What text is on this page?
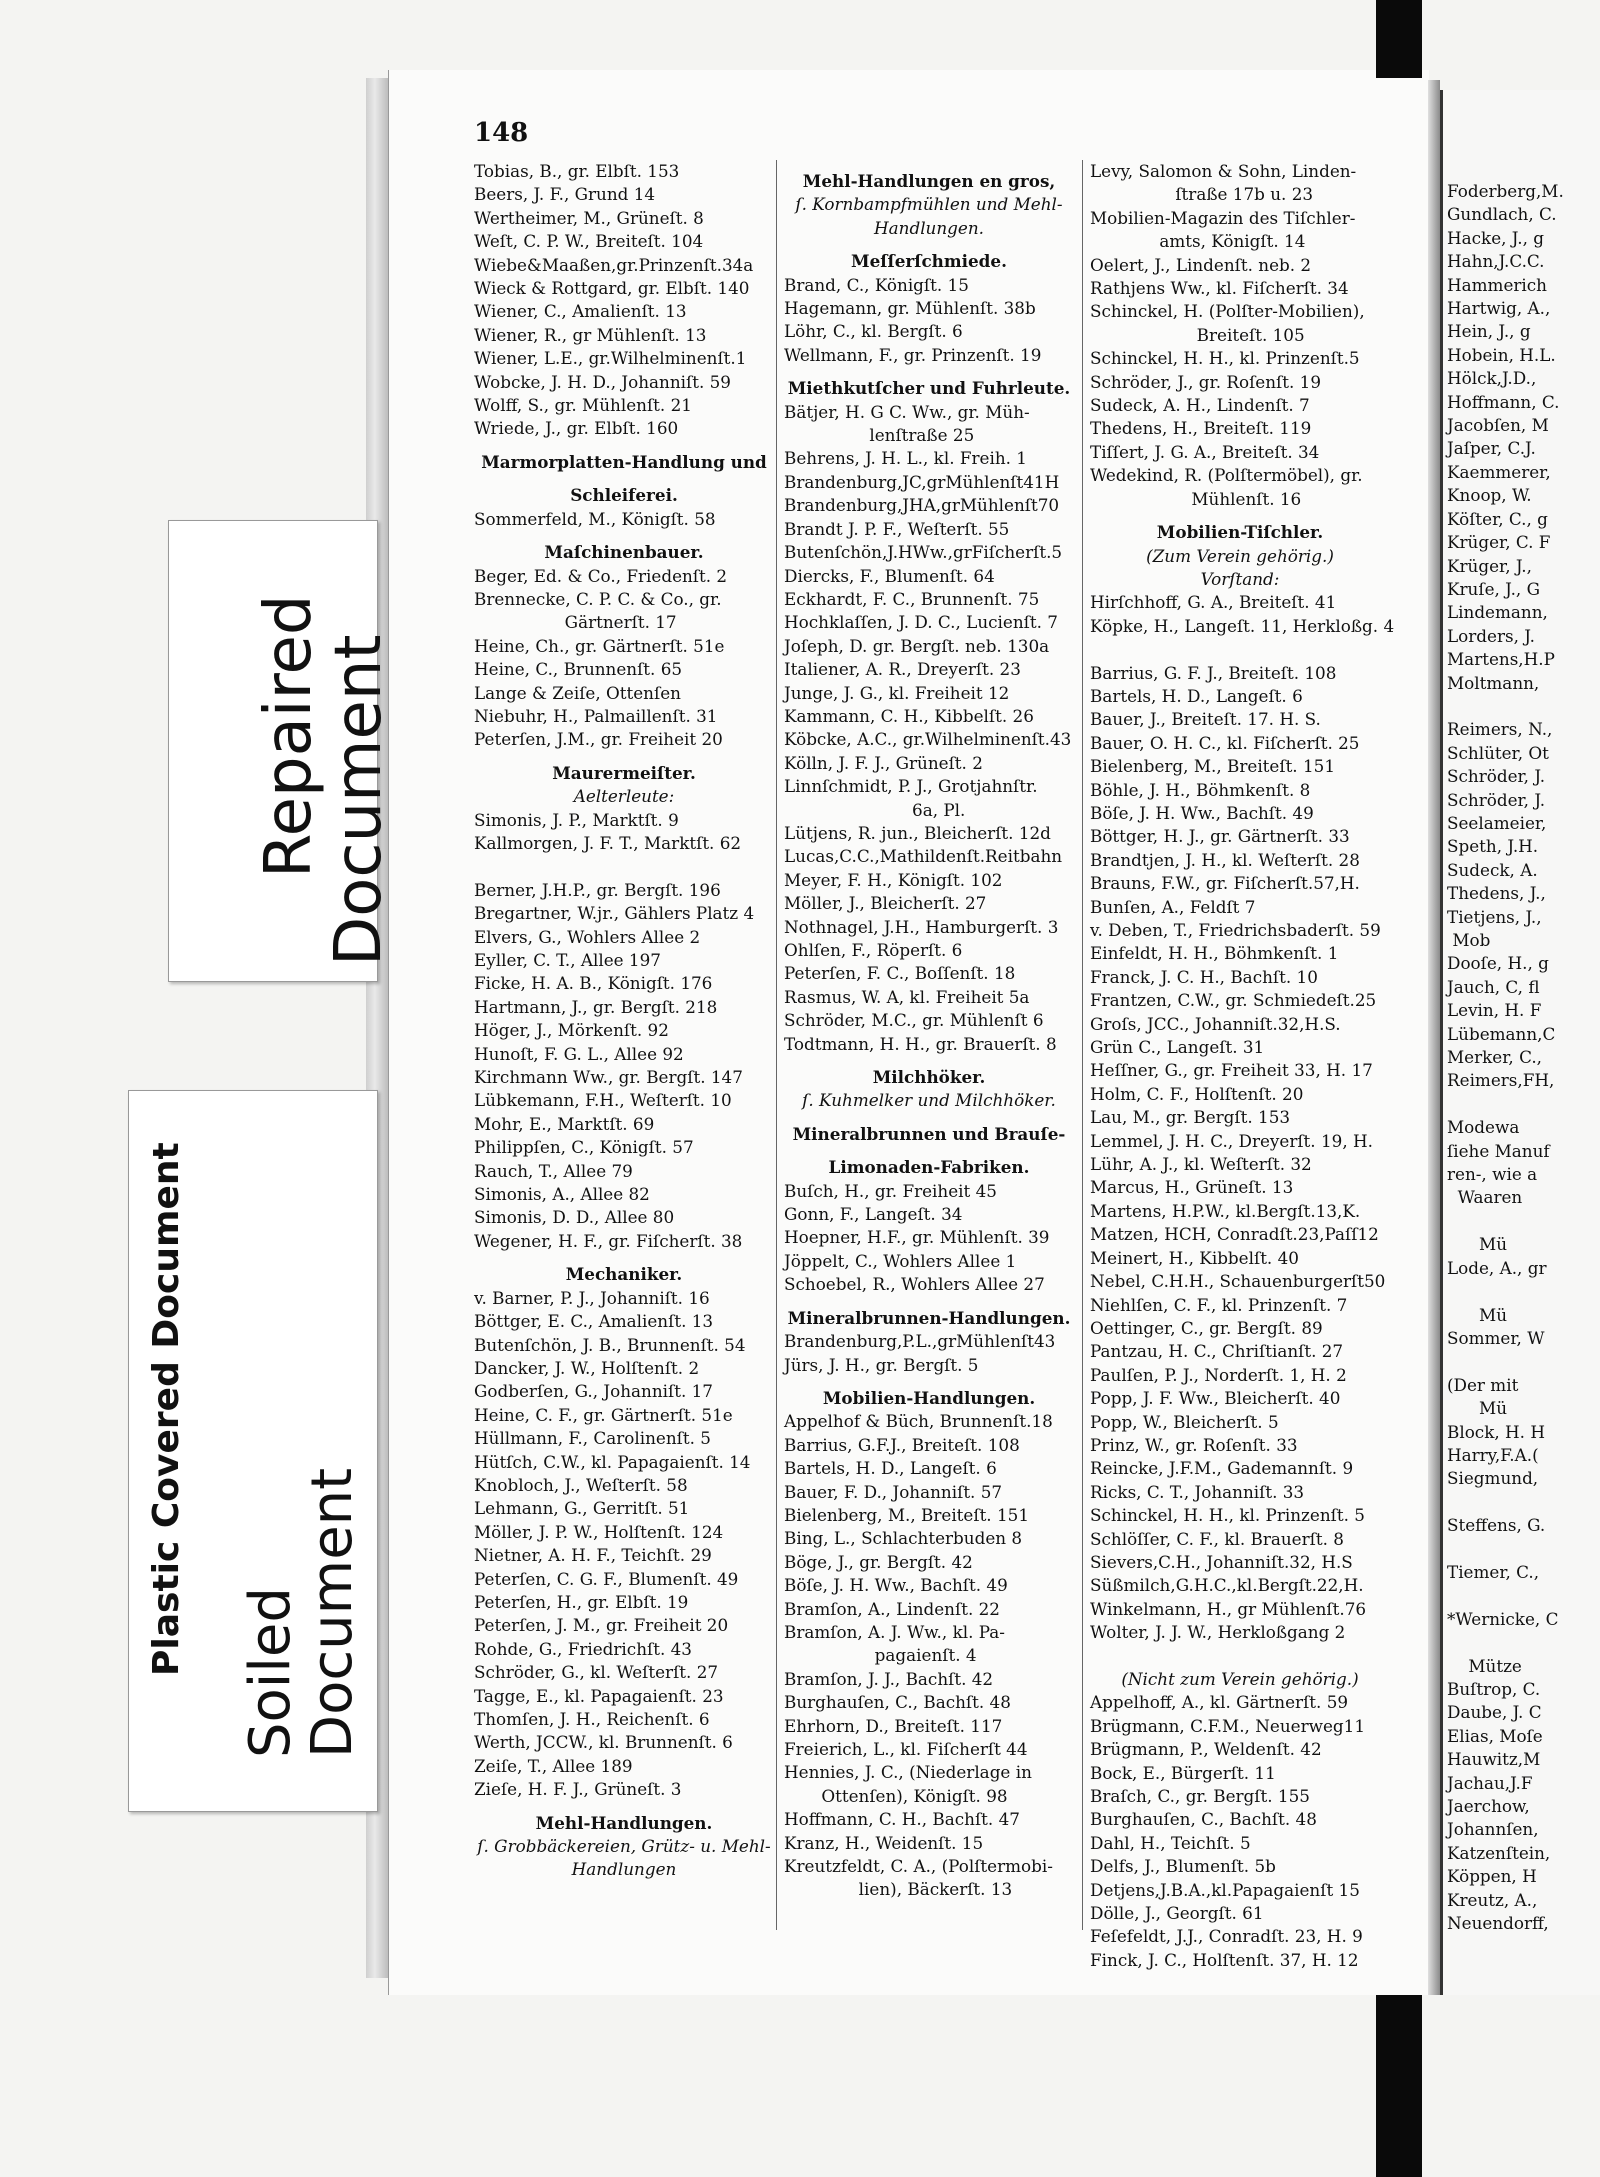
Foderberg,M.
Gundlach, C.
Hacke, J., g
Hahn,J.C.C.
Hammerich
Hartwig, A.,
Hein, J., g
Hobein, H.L.
Hölck,J.D.,
Hoffmann, C.
Jacobſen, M
Jaſper, C.J.
Kaemmerer,
Knoop, W.
Köſter, C., g
Krüger, C. F
Krüger, J.,
Kruſe, J., G
Lindemann,
Lorders, J.
Martens,H.P
Moltmann,

Reimers, N.,
Schlüter, Ot
Schröder, J.
Schröder, J.
Seelameier,
Speth, J.H.
Sudeck, A.
Thedens, J.,
Tietjens, J.,
Mob
Dooſe, H., g
Jauch, C, fl
Levin, H. F
Lübemann,C
Merker, C.,
Reimers,FH,

Modewa
ſiehe Manuf
ren-, wie a
Waaren

Mü
Lode, A., gr

Mü
Sommer, W

(Der mit
Mü
Block, H. H
Harry,F.A.(
Siegmund,

Steffens, G.

Tiemer, C.,

*Wernicke, C

Mütze
Buſtrop, C.
Daube, J. C
Elias, Moſe
Hauwitz,M
Jachau,J.F
Jaerchow,
Johannſen,
Katzenſtein,
Köppen, H
Kreutz, A.,
Neuendorff,
148
Tobias, B., gr. Elbſt. 153
Beers, J. F., Grund 14
Wertheimer, M., Grüneſt. 8
Weſt, C. P. W., Breiteſt. 104
Wiebe&Maaßen,gr.Prinzenſt.34a
Wieck & Rottgard, gr. Elbſt. 140
Wiener, C., Amalienſt. 13
Wiener, R., gr Mühlenſt. 13
Wiener, L.E., gr.Wilhelminenſt.1
Wobcke, J. H. D., Johanniſt. 59
Wolff, S., gr. Mühlenſt. 21
Wriede, J., gr. Elbſt. 160
Marmorplatten-Handlung und
Schleiferei.
Sommerfeld, M., Königſt. 58
Maſchinenbauer.
Beger, Ed. & Co., Friedenſt. 2
Brennecke, C. P. C. & Co., gr.
Gärtnerſt. 17
Heine, Ch., gr. Gärtnerſt. 51e
Heine, C., Brunnenſt. 65
Lange & Zeiſe, Ottenſen
Niebuhr, H., Palmaillenſt. 31
Peterſen, J.M., gr. Freiheit 20
Maurermeiſter.
Aelterleute:
Simonis, J. P., Marktſt. 9
Kallmorgen, J. F. T., Marktſt. 62

Berner, J.H.P., gr. Bergſt. 196
Bregartner, W.jr., Gählers Platz 4
Elvers, G., Wohlers Allee 2
Eyller, C. T., Allee 197
Ficke, H. A. B., Königſt. 176
Hartmann, J., gr. Bergſt. 218
Höger, J., Mörkenſt. 92
Hunoſt, F. G. L., Allee 92
Kirchmann Ww., gr. Bergſt. 147
Lübkemann, F.H., Weſterſt. 10
Mohr, E., Marktſt. 69
Philippſen, C., Königſt. 57
Rauch, T., Allee 79
Simonis, A., Allee 82
Simonis, D. D., Allee 80
Wegener, H. F., gr. Fiſcherſt. 38
Mechaniker.
v. Barner, P. J., Johanniſt. 16
Böttger, E. C., Amalienſt. 13
Butenſchön, J. B., Brunnenſt. 54
Dancker, J. W., Holſtenſt. 2
Godberſen, G., Johanniſt. 17
Heine, C. F., gr. Gärtnerſt. 51e
Hüllmann, F., Carolinenſt. 5
Hütſch, C.W., kl. Papagaienſt. 14
Knobloch, J., Weſterſt. 58
Lehmann, G., Gerritſt. 51
Möller, J. P. W., Holſtenſt. 124
Nietner, A. H. F., Teichſt. 29
Peterſen, C. G. F., Blumenſt. 49
Peterſen, H., gr. Elbſt. 19
Peterſen, J. M., gr. Freiheit 20
Rohde, G., Friedrichſt. 43
Schröder, G., kl. Weſterſt. 27
Tagge, E., kl. Papagaienſt. 23
Thomſen, J. H., Reichenſt. 6
Werth, JCCW., kl. Brunnenſt. 6
Zeiſe, T., Allee 189
Zieſe, H. F. J., Grüneſt. 3
Mehl-Handlungen.
ſ. Grobbäckereien, Grütz- u. Mehl-
Handlungen
Mehl-Handlungen en gros,
ſ. Kornbampfmühlen und Mehl-
Handlungen.
Meſſerſchmiede.
Brand, C., Königſt. 15
Hagemann, gr. Mühlenſt. 38b
Löhr, C., kl. Bergſt. 6
Wellmann, F., gr. Prinzenſt. 19
Miethkutſcher und Fuhrleute.
Bätjer, H. G C. Ww., gr. Müh-
lenſtraße 25
Behrens, J. H. L., kl. Freih. 1
Brandenburg,JC,grMühlenſt41H
Brandenburg,JHA,grMühlenſt70
Brandt J. P. F., Weſterſt. 55
Butenſchön,J.HWw.,grFiſcherſt.5
Diercks, F., Blumenſt. 64
Eckhardt, F. C., Brunnenſt. 75
Hochklaſſen, J. D. C., Lucienſt. 7
Joſeph, D. gr. Bergſt. neb. 130a
Italiener, A. R., Dreyerſt. 23
Junge, J. G., kl. Freiheit 12
Kammann, C. H., Kibbelſt. 26
Köbcke, A.C., gr.Wilhelminenſt.43
Kölln, J. F. J., Grüneſt. 2
Linnſchmidt, P. J., Grotjahnſtr.
6a, Pl.
Lütjens, R. jun., Bleicherſt. 12d
Lucas,C.C.,Mathildenſt.Reitbahn
Meyer, F. H., Königſt. 102
Möller, J., Bleicherſt. 27
Nothnagel, J.H., Hamburgerſt. 3
Ohlſen, F., Röperſt. 6
Peterſen, F. C., Boſſenſt. 18
Rasmus, W. A, kl. Freiheit 5a
Schröder, M.C., gr. Mühlenſt 6
Todtmann, H. H., gr. Brauerſt. 8
Milchhöker.
ſ. Kuhmelker und Milchhöker.
Mineralbrunnen und Brauſe-
Limonaden-Fabriken.
Buſch, H., gr. Freiheit 45
Gonn, F., Langeſt. 34
Hoepner, H.F., gr. Mühlenſt. 39
Jöppelt, C., Wohlers Allee 1
Schoebel, R., Wohlers Allee 27
Mineralbrunnen-Handlungen.
Brandenburg,P.L.,grMühlenſt43
Jürs, J. H., gr. Bergſt. 5
Mobilien-Handlungen.
Appelhof & Büch, Brunnenſt.18
Barrius, G.F.J., Breiteſt. 108
Bartels, H. D., Langeſt. 6
Bauer, F. D., Johanniſt. 57
Bielenberg, M., Breiteſt. 151
Bing, L., Schlachterbuden 8
Böge, J., gr. Bergſt. 42
Böſe, J. H. Ww., Bachſt. 49
Bramſon, A., Lindenſt. 22
Bramſon, A. J. Ww., kl. Pa-
pagaienſt. 4
Bramſon, J. J., Bachſt. 42
Burghauſen, C., Bachſt. 48
Ehrhorn, D., Breiteſt. 117
Freierich, L., kl. Fiſcherſt 44
Hennies, J. C., (Niederlage in
Ottenſen), Königſt. 98
Hoffmann, C. H., Bachſt. 47
Kranz, H., Weidenſt. 15
Kreutzfeldt, C. A., (Polſtermobi-
lien), Bäckerſt. 13
Levy, Salomon & Sohn, Linden-
ſtraße 17b u. 23
Mobilien-Magazin des Tiſchler-
amts, Königſt. 14
Oelert, J., Lindenſt. neb. 2
Rathjens Ww., kl. Fiſcherſt. 34
Schinckel, H. (Polſter-Mobilien),
Breiteſt. 105
Schinckel, H. H., kl. Prinzenſt.5
Schröder, J., gr. Roſenſt. 19
Sudeck, A. H., Lindenſt. 7
Thedens, H., Breiteſt. 119
Tiſſert, J. G. A., Breiteſt. 34
Wedekind, R. (Polſtermöbel), gr.
Mühlenſt. 16
Mobilien-Tiſchler.
(Zum Verein gehörig.)
Vorſtand:
Hirſchhoff, G. A., Breiteſt. 41
Köpke, H., Langeſt. 11, Herkloßg. 4

Barrius, G. F. J., Breiteſt. 108
Bartels, H. D., Langeſt. 6
Bauer, J., Breiteſt. 17. H. S.
Bauer, O. H. C., kl. Fiſcherſt. 25
Bielenberg, M., Breiteſt. 151
Böhle, J. H., Böhmkenſt. 8
Böſe, J. H. Ww., Bachſt. 49
Böttger, H. J., gr. Gärtnerſt. 33
Brandtjen, J. H., kl. Weſterſt. 28
Brauns, F.W., gr. Fiſcherſt.57,H.
Bunſen, A., Feldſt 7
v. Deben, T., Friedrichsbaderſt. 59
Einfeldt, H. H., Böhmkenſt. 1
Franck, J. C. H., Bachſt. 10
Frantzen, C.W., gr. Schmiedeſt.25
Groſs, JCC., Johanniſt.32,H.S.
Grün C., Langeſt. 31
Heſſner, G., gr. Freiheit 33, H. 17
Holm, C. F., Holſtenſt. 20
Lau, M., gr. Bergſt. 153
Lemmel, J. H. C., Dreyerſt. 19, H.
Lühr, A. J., kl. Weſterſt. 32
Marcus, H., Grüneſt. 13
Martens, H.P.W., kl.Bergſt.13,K.
Matzen, HCH, Conradſt.23,Paſſ12
Meinert, H., Kibbelſt. 40
Nebel, C.H.H., Schauenburgerſt50
Niehlſen, C. F., kl. Prinzenſt. 7
Oettinger, C., gr. Bergſt. 89
Pantzau, H. C., Chriſtianſt. 27
Paulſen, P. J., Norderſt. 1, H. 2
Popp, J. F. Ww., Bleicherſt. 40
Popp, W., Bleicherſt. 5
Prinz, W., gr. Roſenſt. 33
Reincke, J.F.M., Gademannſt. 9
Ricks, C. T., Johanniſt. 33
Schinckel, H. H., kl. Prinzenſt. 5
Schlöſſer, C. F., kl. Brauerſt. 8
Sievers,C.H., Johanniſt.32, H.S
Süßmilch,G.H.C.,kl.Bergſt.22,H.
Winkelmann, H., gr Mühlenſt.76
Wolter, J. J. W., Herkloßgang 2

(Nicht zum Verein gehörig.)
Appelhoff, A., kl. Gärtnerſt. 59
Brügmann, C.F.M., Neuerweg11
Brügmann, P., Weldenſt. 42
Bock, E., Bürgerſt. 11
Braſch, C., gr. Bergſt. 155
Burghauſen, C., Bachſt. 48
Dahl, H., Teichſt. 5
Delfs, J., Blumenſt. 5b
Detjens,J.B.A.,kl.Papagaienſt 15
Dölle, J., Georgſt. 61
Feſefeldt, J.J., Conradſt. 23, H. 9
Finck, J. C., Holſtenſt. 37, H. 12
Repaired
Document
Plastic Covered Document Soiled
Document
